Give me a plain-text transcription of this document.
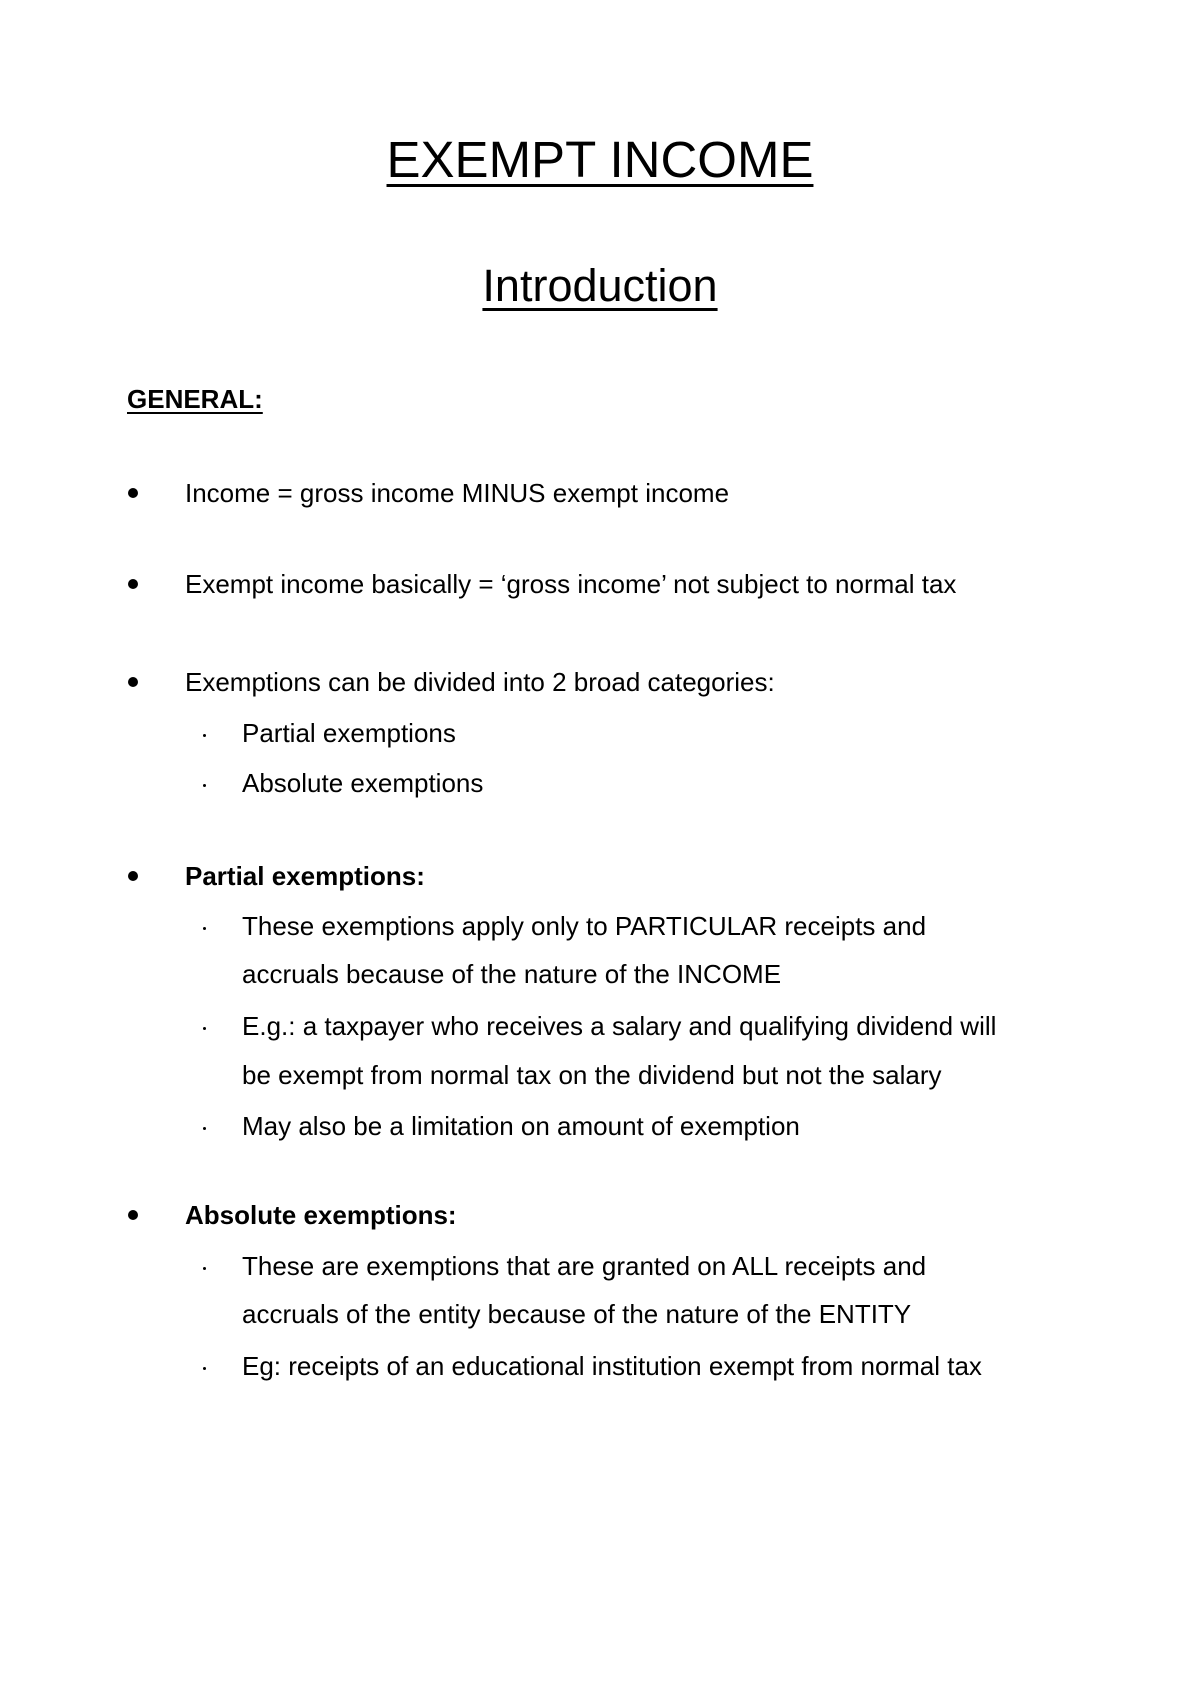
EXEMPT INCOME
Introduction

GENERAL:

Income = gross income MINUS exempt income

Exempt income basically = ‘gross income’ not subject to normal tax

Exemptions can be divided into 2 broad categories:

Partial exemptions

Absolute exemptions

Partial exemptions:

These exemptions apply only to PARTICULAR receipts and

accruals because of the nature of the INCOME

E.g.: a taxpayer who receives a salary and qualifying dividend will

be exempt from normal tax on the dividend but not the salary

May also be a limitation on amount of exemption

Absolute exemptions:

These are exemptions that are granted on ALL receipts and

accruals of the entity because of the nature of the ENTITY

Eg: receipts of an educational institution exempt from normal tax
